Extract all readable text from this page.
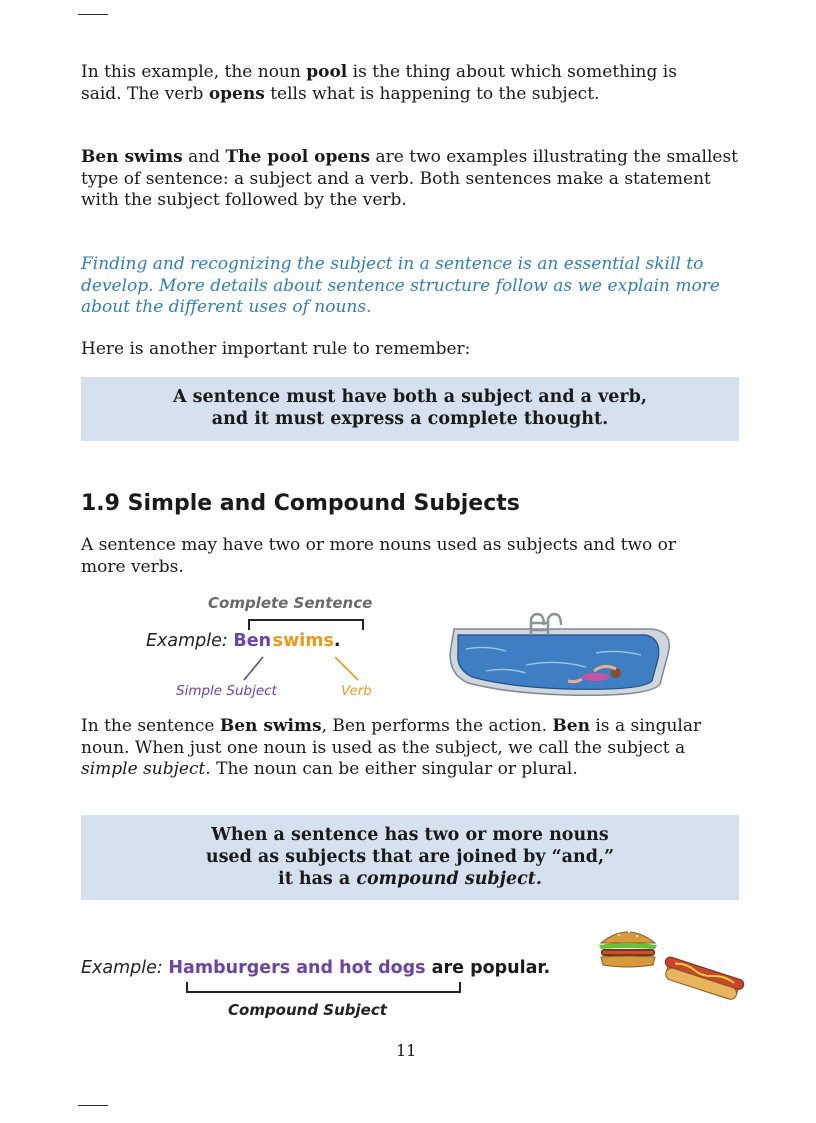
In this example, the noun pool is the thing about which something is said. The verb opens tells what is happening to the subject.

Ben swims and The pool opens are two examples illustrating the smallest type of sentence: a subject and a verb. Both sentences make a statement with the subject followed by the verb.

Finding and recognizing the subject in a sentence is an essential skill to develop. More details about sentence structure follow as we explain more about the different uses of nouns.

Here is another important rule to remember:

A sentence must have both a subject and a verb,
and it must express a complete thought.
1.9 Simple and Compound Subjects

A sentence may have two or more nouns used as subjects and two or more verbs.

Complete Sentence
Example: Ben swims.
Simple Subject	Verb

In the sentence Ben swims, Ben performs the action. Ben is a singular noun. When just one noun is used as the subject, we call the subject a simple subject. The noun can be either singular or plural.

When a sentence has two or more nouns
used as subjects that are joined by “and,”
it has a compound subject.
Example: Hamburgers and hot dogs are popular.
Compound Subject
11
